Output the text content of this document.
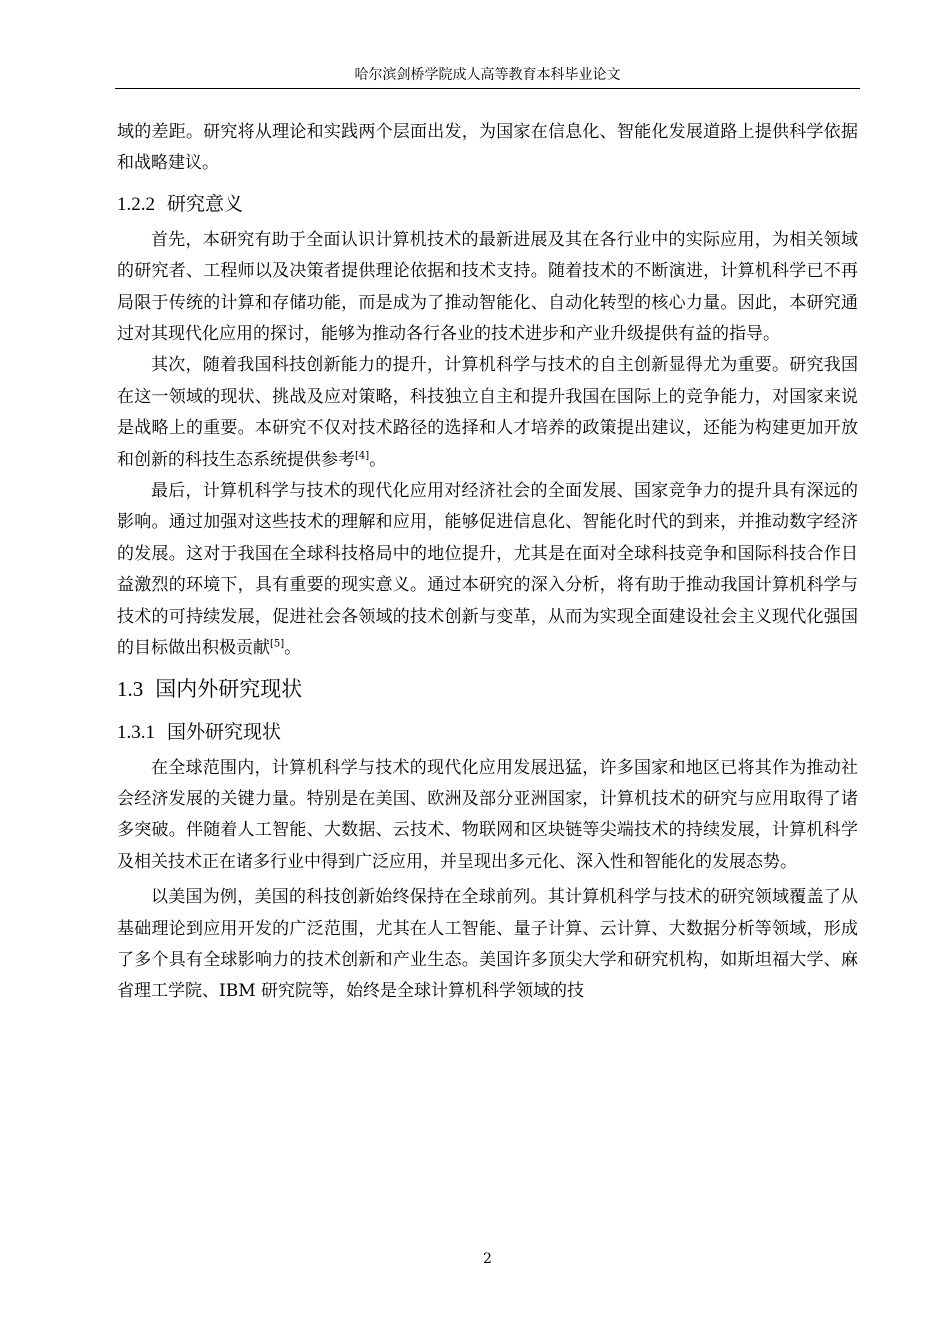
哈尔滨剑桥学院成人高等教育本科毕业论文

域的差距。研究将从理论和实践两个层面出发，为国家在信息化、智能化发展道路上提供科学依据和战略建议。

1.2.2 研究意义

首先，本研究有助于全面认识计算机技术的最新进展及其在各行业中的实际应用，为相关领域的研究者、工程师以及决策者提供理论依据和技术支持。随着技术的不断演进，计算机科学已不再局限于传统的计算和存储功能，而是成为了推动智能化、自动化转型的核心力量。因此，本研究通过对其现代化应用的探讨，能够为推动各行各业的技术进步和产业升级提供有益的指导。

其次，随着我国科技创新能力的提升，计算机科学与技术的自主创新显得尤为重要。研究我国在这一领域的现状、挑战及应对策略，科技独立自主和提升我国在国际上的竞争能力，对国家来说是战略上的重要。本研究不仅对技术路径的选择和人才培养的政策提出建议，还能为构建更加开放和创新的科技生态系统提供参考[4]。

最后，计算机科学与技术的现代化应用对经济社会的全面发展、国家竞争力的提升具有深远的影响。通过加强对这些技术的理解和应用，能够促进信息化、智能化时代的到来，并推动数字经济的发展。这对于我国在全球科技格局中的地位提升，尤其是在面对全球科技竞争和国际科技合作日益激烈的环境下，具有重要的现实意义。通过本研究的深入分析，将有助于推动我国计算机科学与技术的可持续发展，促进社会各领域的技术创新与变革，从而为实现全面建设社会主义现代化强国的目标做出积极贡献[5]。

1.3 国内外研究现状
1.3.1 国外研究现状

在全球范围内，计算机科学与技术的现代化应用发展迅猛，许多国家和地区已将其作为推动社会经济发展的关键力量。特别是在美国、欧洲及部分亚洲国家，计算机技术的研究与应用取得了诸多突破。伴随着人工智能、大数据、云技术、物联网和区块链等尖端技术的持续发展，计算机科学及相关技术正在诸多行业中得到广泛应用，并呈现出多元化、深入性和智能化的发展态势。

以美国为例，美国的科技创新始终保持在全球前列。其计算机科学与技术的研究领域覆盖了从基础理论到应用开发的广泛范围，尤其在人工智能、量子计算、云计算、大数据分析等领域，形成了多个具有全球影响力的技术创新和产业生态。美国许多顶尖大学和研究机构，如斯坦福大学、麻省理工学院、IBM 研究院等，始终是全球计算机科学领域的技

2
